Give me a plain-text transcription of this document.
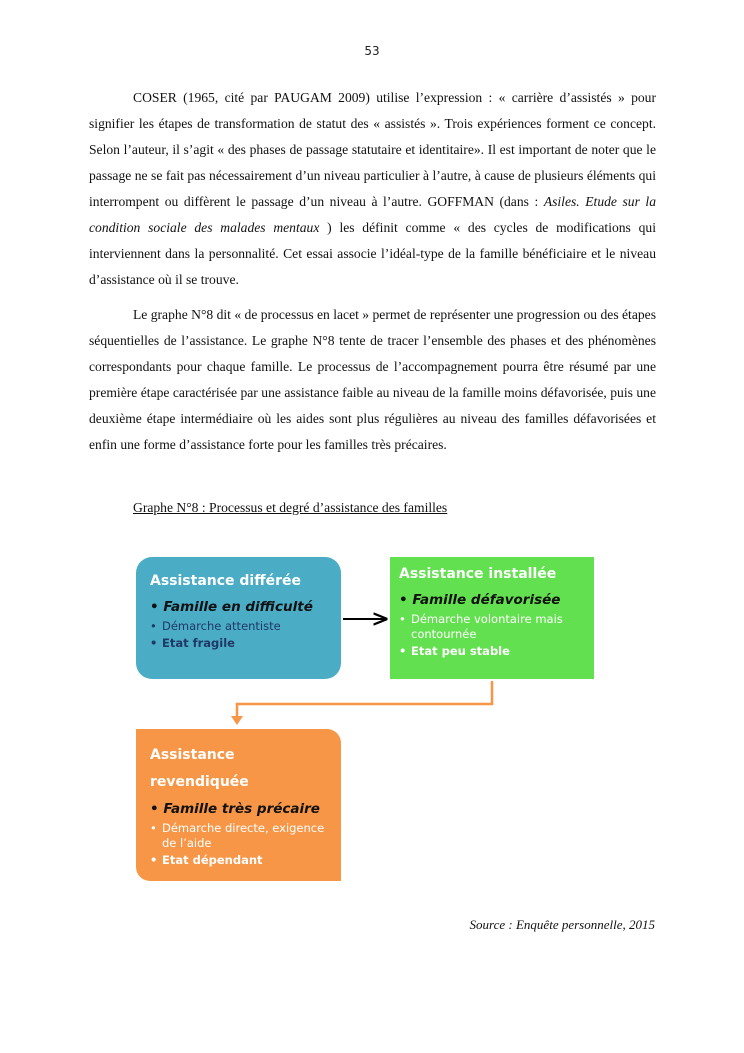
53

COSER (1965, cité par PAUGAM 2009) utilise l’expression : « carrière d’assistés » pour signifier les étapes de transformation de statut des « assistés ». Trois expériences forment ce concept. Selon l’auteur, il s’agit « des phases de passage statutaire et identitaire». Il est important de noter que le passage ne se fait pas nécessairement d’un niveau particulier à l’autre, à cause de plusieurs éléments qui interrompent ou diffèrent le passage d’un niveau à l’autre. GOFFMAN (dans : Asiles. Etude sur la condition sociale des malades mentaux ) les définit comme « des cycles de modifications qui interviennent dans la personnalité. Cet essai associe l’idéal-type de la famille bénéficiaire et le niveau d’assistance où il se trouve.

Le graphe N°8 dit « de processus en lacet » permet de représenter une progression ou des étapes séquentielles de l’assistance. Le graphe N°8 tente de tracer l’ensemble des phases et des phénomènes correspondants pour chaque famille. Le processus de l’accompagnement pourra être résumé par une première étape caractérisée par une assistance faible au niveau de la famille moins défavorisée, puis une deuxième étape intermédiaire où les aides sont plus régulières au niveau des familles défavorisées et enfin une forme d’assistance forte pour les familles très précaires.

Graphe N°8 : Processus et degré d’assistance des familles
Assistance différée
• Famille en difficulté
• Démarche attentiste
• Etat fragile
Assistance installée
• Famille défavorisée
• Démarche volontaire mais contournée
• Etat peu stable
Assistance
revendiquée
• Famille très précaire
• Démarche directe, exigence de l’aide
• Etat dépendant
Source : Enquête personnelle, 2015
